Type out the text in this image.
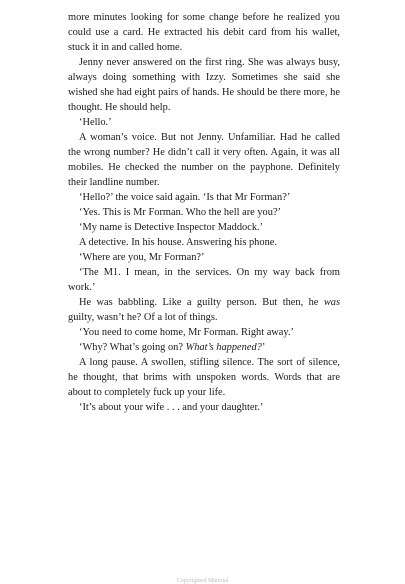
more minutes looking for some change before he realized you could use a card. He extracted his debit card from his wallet, stuck it in and called home.

Jenny never answered on the first ring. She was always busy, always doing something with Izzy. Sometimes she said she wished she had eight pairs of hands. He should be there more, he thought. He should help.

‘Hello.’

A woman’s voice. But not Jenny. Unfamiliar. Had he called the wrong number? He didn’t call it very often. Again, it was all mobiles. He checked the number on the payphone. Definitely their landline number.

‘Hello?’ the voice said again. ‘Is that Mr Forman?’

‘Yes. This is Mr Forman. Who the hell are you?’

‘My name is Detective Inspector Maddock.’

A detective. In his house. Answering his phone.

‘Where are you, Mr Forman?’

‘The M1. I mean, in the services. On my way back from work.’

He was babbling. Like a guilty person. But then, he was guilty, wasn’t he? Of a lot of things.

‘You need to come home, Mr Forman. Right away.’

‘Why? What’s going on? What’s happened?’

A long pause. A swollen, stifling silence. The sort of silence, he thought, that brims with unspoken words. Words that are about to completely fuck up your life.

‘It’s about your wife . . . and your daughter.’

Copyrighted Material
